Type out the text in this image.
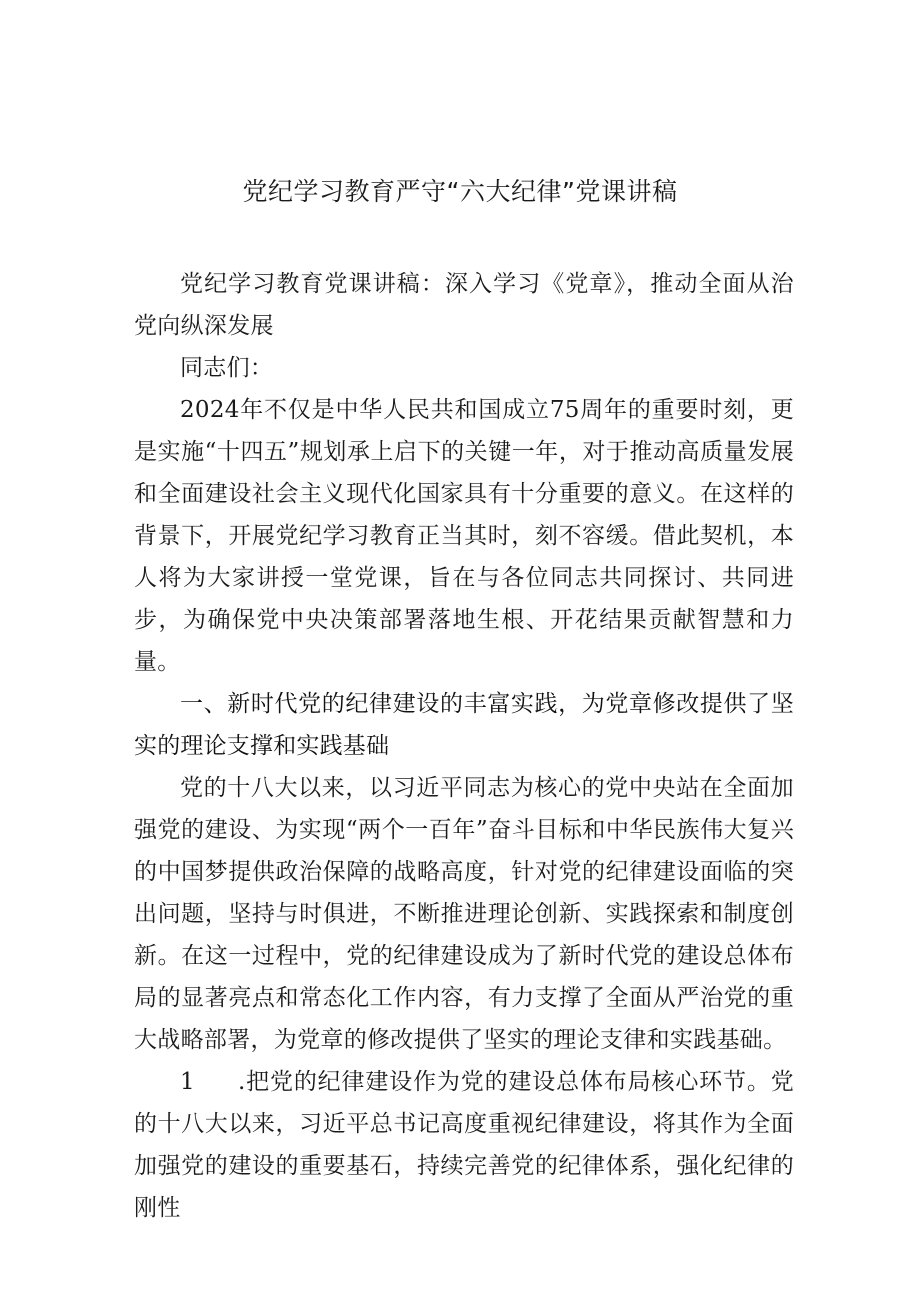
党纪学习教育严守“六大纪律”党课讲稿

党纪学习教育党课讲稿：深入学习《党章》，推动全面从治党向纵深发展

同志们：

2024年不仅是中华人民共和国成立75周年的重要时刻，更是实施“十四五”规划承上启下的关键一年，对于推动高质量发展和全面建设社会主义现代化国家具有十分重要的意义。在这样的背景下，开展党纪学习教育正当其时，刻不容缓。借此契机，本人将为大家讲授一堂党课，旨在与各位同志共同探讨、共同进步，为确保党中央决策部署落地生根、开花结果贡献智慧和力量。

一、新时代党的纪律建设的丰富实践，为党章修改提供了坚实的理论支撑和实践基础

党的十八大以来，以习近平同志为核心的党中央站在全面加强党的建设、为实现“两个一百年”奋斗目标和中华民族伟大复兴的中国梦提供政治保障的战略高度，针对党的纪律建设面临的突出问题，坚持与时俱进，不断推进理论创新、实践探索和制度创新。在这一过程中，党的纪律建设成为了新时代党的建设总体布局的显著亮点和常态化工作内容，有力支撑了全面从严治党的重大战略部署，为党章的修改提供了坚实的理论支律和实践基础。

1 .把党的纪律建设作为党的建设总体布局核心环节。党的十八大以来，习近平总书记高度重视纪律建设，将其作为全面加强党的建设的重要基石，持续完善党的纪律体系，强化纪律的刚性
